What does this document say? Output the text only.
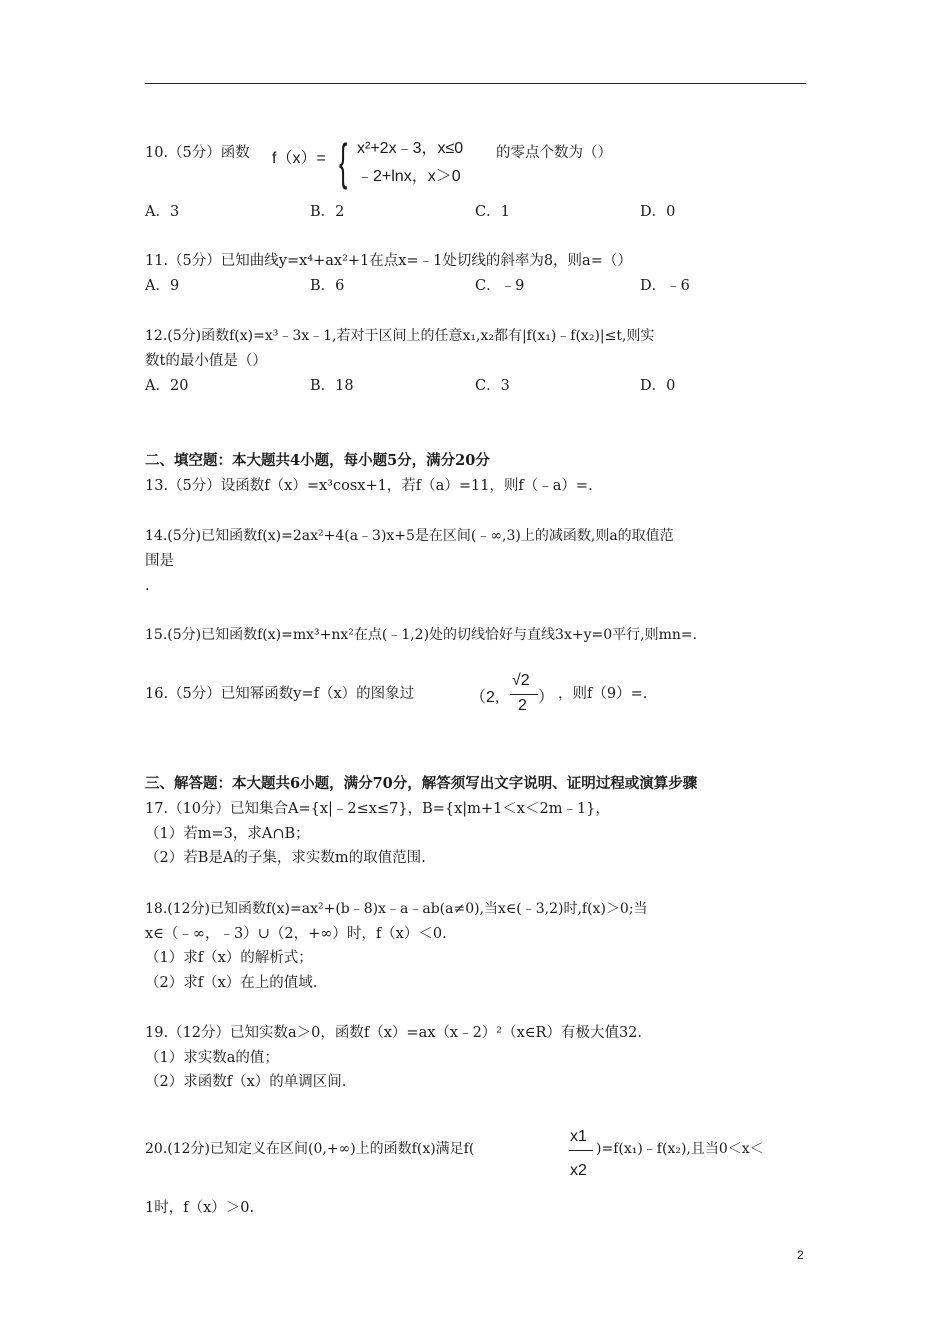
10.（5分）函数 f（x）= { x²+2x﹣3，x≤0
﹣2+lnx，x＞0
的零点个数为（）
A．3	B．2	C．1	D．0
11.（5分）已知曲线y=x⁴+ax²+1在点x=﹣1处切线的斜率为8，则a=（）
A．9	B．6	C．﹣9	D．﹣6
12.(5分)函数f(x)=x³﹣3x﹣1,若对于区间上的任意x₁,x₂都有|f(x₁)﹣f(x₂)|≤t,则实
数t的最小值是（）
A．20	B．18	C．3	D．0
二、填空题：本大题共4小题，每小题5分，满分20分
13.（5分）设函数f（x）=x³cosx+1，若f（a）=11，则f（﹣a）=.
14.(5分)已知函数f(x)=2ax²+4(a﹣3)x+5是在区间(﹣∞,3)上的减函数,则a的取值范
围是
.
15.(5分)已知函数f(x)=mx³+nx²在点(﹣1,2)处的切线恰好与直线3x+y=0平行,则mn=.
16.（5分）已知幂函数y=f（x）的图象过	（2,
√2
2 ） ，则f（9）=.
三、解答题：本大题共6小题，满分70分，解答须写出文字说明、证明过程或演算步骤
17.（10分）已知集合A={x|﹣2≤x≤7}，B={x|m+1＜x＜2m﹣1}，
（1）若m=3，求A∩B；
（2）若B是A的子集，求实数m的取值范围.
18.(12分)已知函数f(x)=ax²+(b﹣8)x﹣a﹣ab(a≠0),当x∈(﹣3,2)时,f(x)＞0;当
x∈（﹣∞，﹣3）∪（2，+∞）时，f（x）＜0.
（1）求f（x）的解析式；
（2）求f（x）在上的值域.
19.（12分）已知实数a＞0，函数f（x）=ax（x﹣2）²（x∈R）有极大值32.
（1）求实数a的值；
（2）求函数f（x）的单调区间.
20.(12分)已知定义在区间(0,+∞)上的函数f(x)满足f(
x1
x2
)=f(x₁)﹣f(x₂),且当0＜x＜
1时，f（x）＞0.
2
